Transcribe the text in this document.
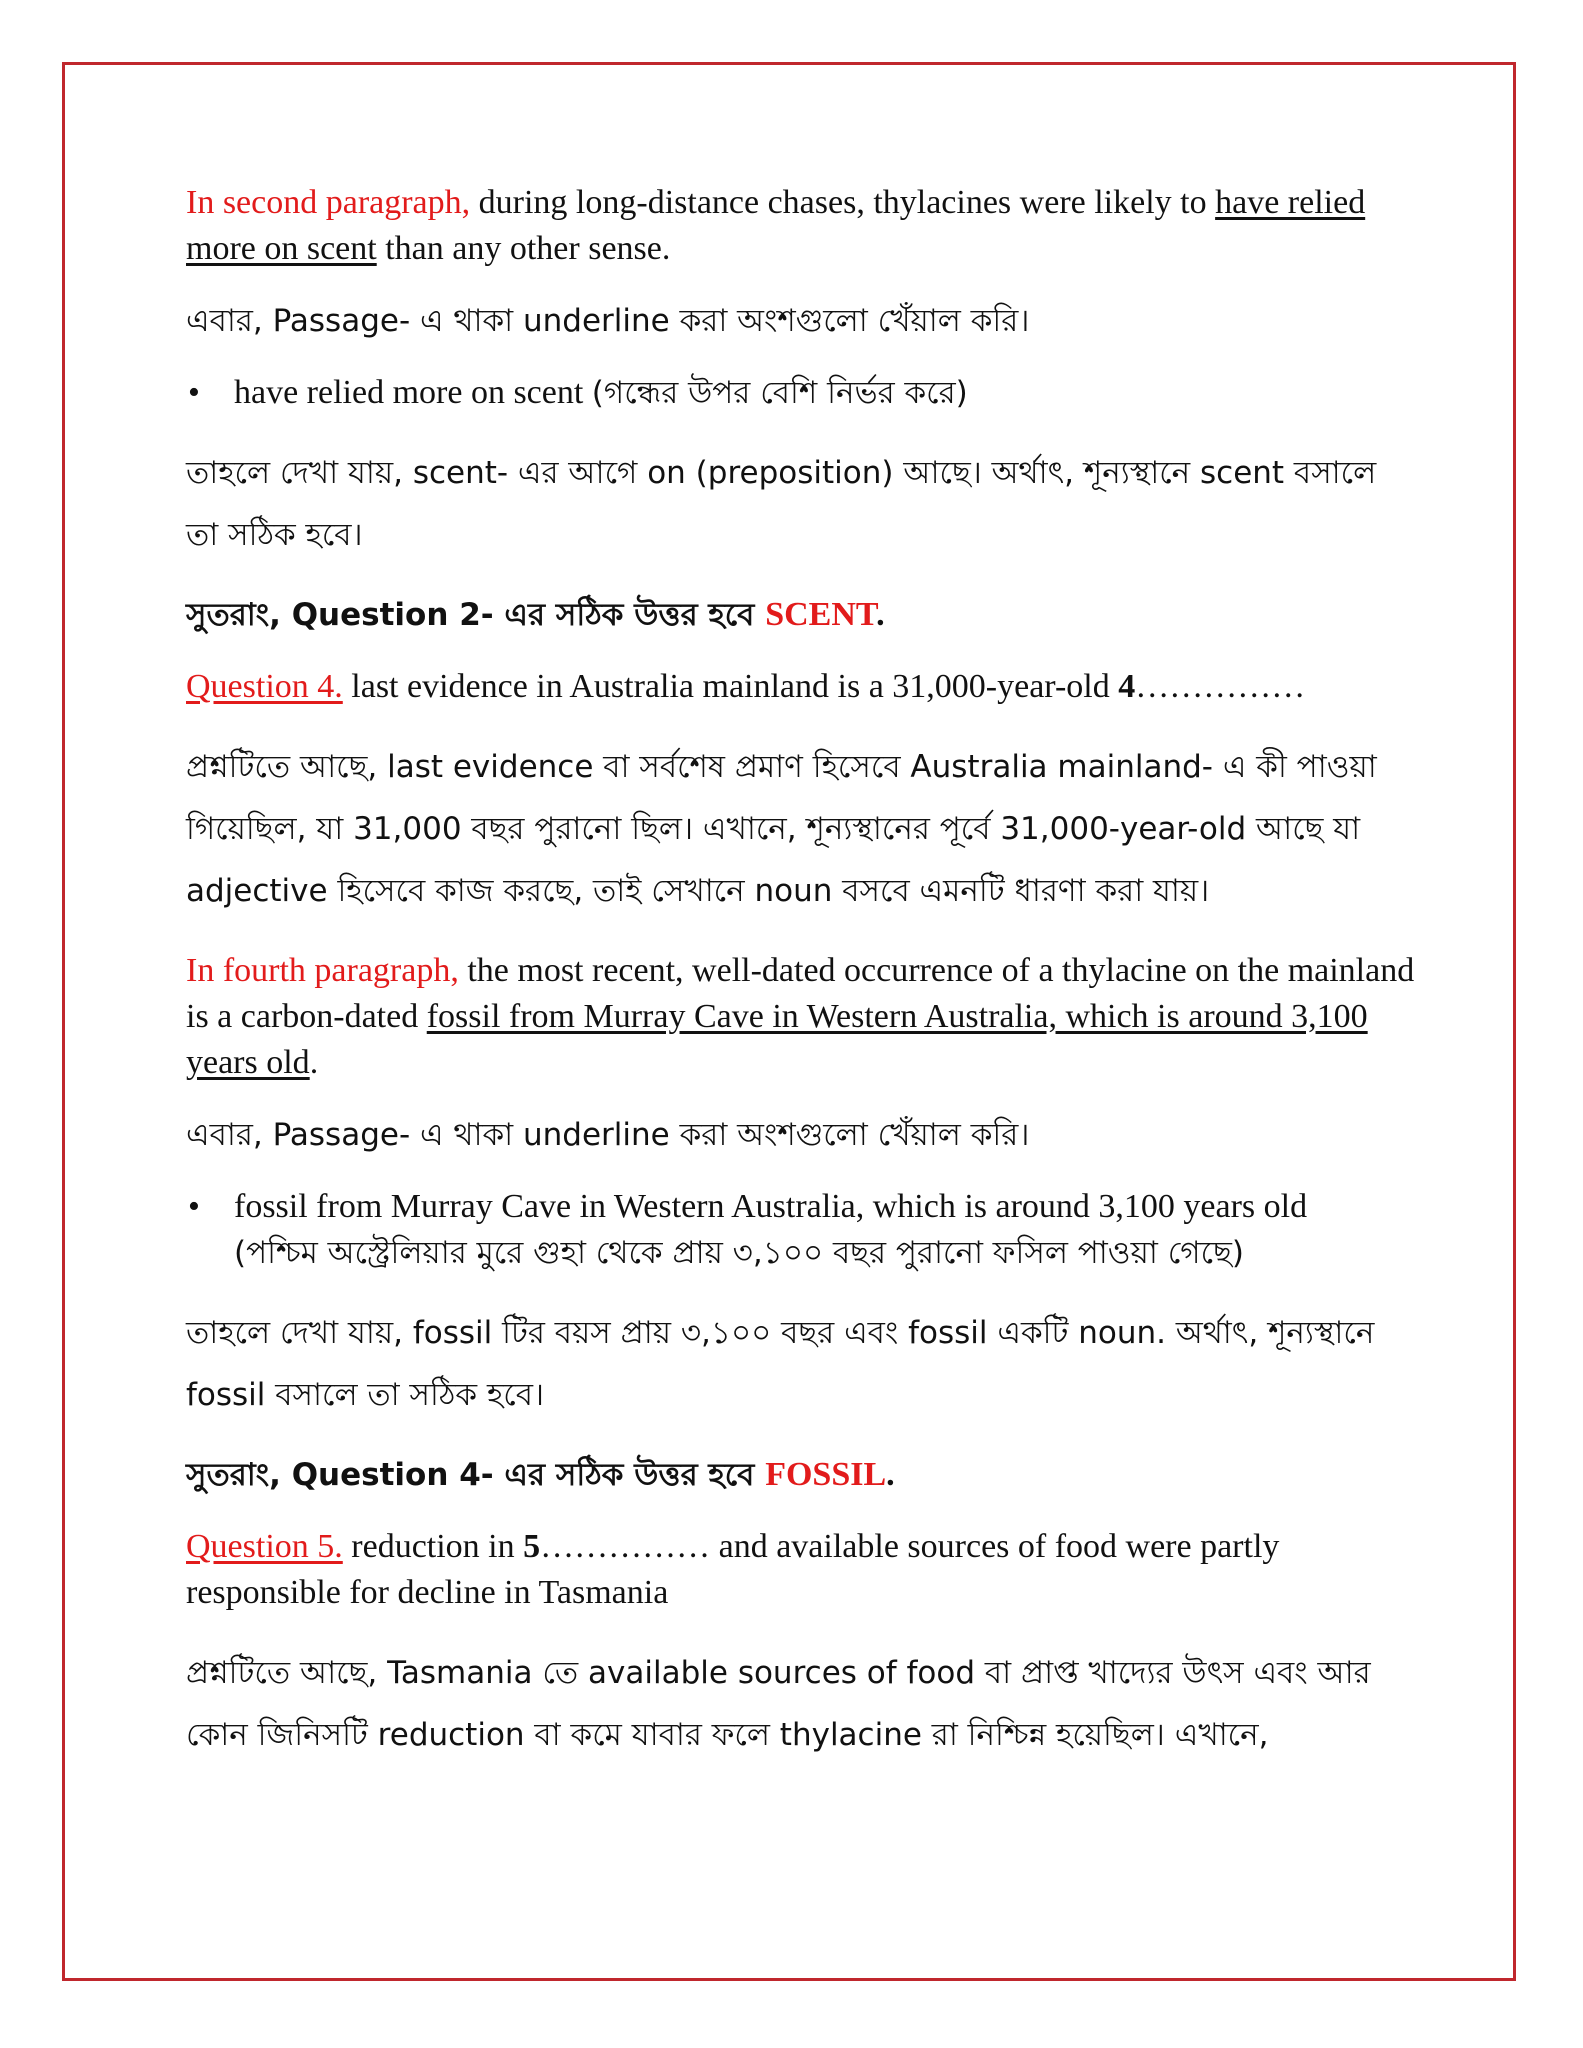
In second paragraph, during long-distance chases, thylacines were likely to have relied more on scent than any other sense.

এবার, Passage- এ থাকা underline করা অংশগুলো খেঁয়াল করি।

• have relied more on scent (গন্ধের উপর বেশি নির্ভর করে)

তাহলে দেখা যায়, scent- এর আগে on (preposition) আছে। অর্থাৎ, শূন্যস্থানে scent বসালে তা সঠিক হবে।

সুতরাং, Question 2- এর সঠিক উত্তর হবে SCENT.

Question 4. last evidence in Australia mainland is a 31,000-year-old 4……………

প্রশ্নটিতে আছে, last evidence বা সর্বশেষ প্রমাণ হিসেবে Australia mainland- এ কী পাওয়া গিয়েছিল, যা 31,000 বছর পুরানো ছিল। এখানে, শূন্যস্থানের পূর্বে 31,000-year-old আছে যা adjective হিসেবে কাজ করছে, তাই সেখানে noun বসবে এমনটি ধারণা করা যায়।

In fourth paragraph, the most recent, well-dated occurrence of a thylacine on the mainland is a carbon-dated fossil from Murray Cave in Western Australia, which is around 3,100 years old.

এবার, Passage- এ থাকা underline করা অংশগুলো খেঁয়াল করি।

• fossil from Murray Cave in Western Australia, which is around 3,100 years old
(পশ্চিম অস্ট্রেলিয়ার মুরে গুহা থেকে প্রায় ৩,১০০ বছর পুরানো ফসিল পাওয়া গেছে)

তাহলে দেখা যায়, fossil টির বয়স প্রায় ৩,১০০ বছর এবং fossil একটি noun. অর্থাৎ, শূন্যস্থানে fossil বসালে তা সঠিক হবে।

সুতরাং, Question 4- এর সঠিক উত্তর হবে FOSSIL.

Question 5. reduction in 5…………… and available sources of food were partly responsible for decline in Tasmania

প্রশ্নটিতে আছে, Tasmania তে available sources of food বা প্রাপ্ত খাদ্যের উৎস এবং আর কোন জিনিসটি reduction বা কমে যাবার ফলে thylacine রা নিশ্চিন্ন হয়েছিল। এখানে,
